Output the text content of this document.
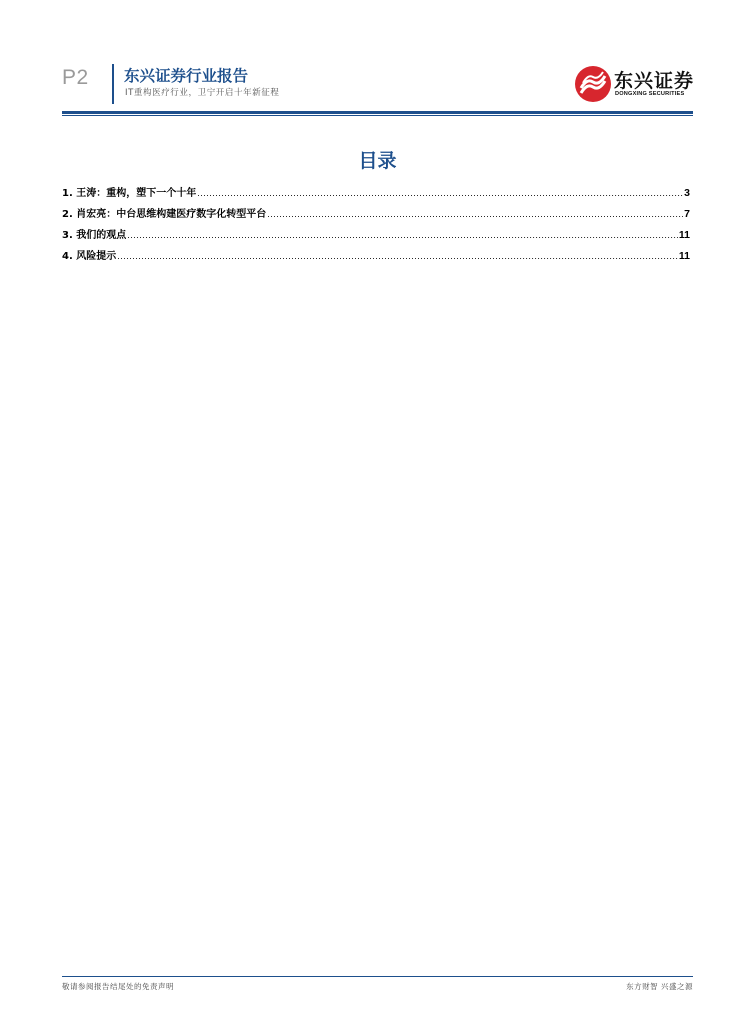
P2 东兴证券行业报告
IT重构医疗行业，卫宁开启十年新征程
东兴证券
DONGXING SECURITIES
目录
1. 王涛：重构，塑下一个十年 .....	3
2. 肖宏亮：中台思维构建医疗数字化转型平台 .....	7
3. 我们的观点 .....	11
4. 风险提示 .....	11
敬请参阅报告结尾处的免责声明	东方财智 兴盛之源
